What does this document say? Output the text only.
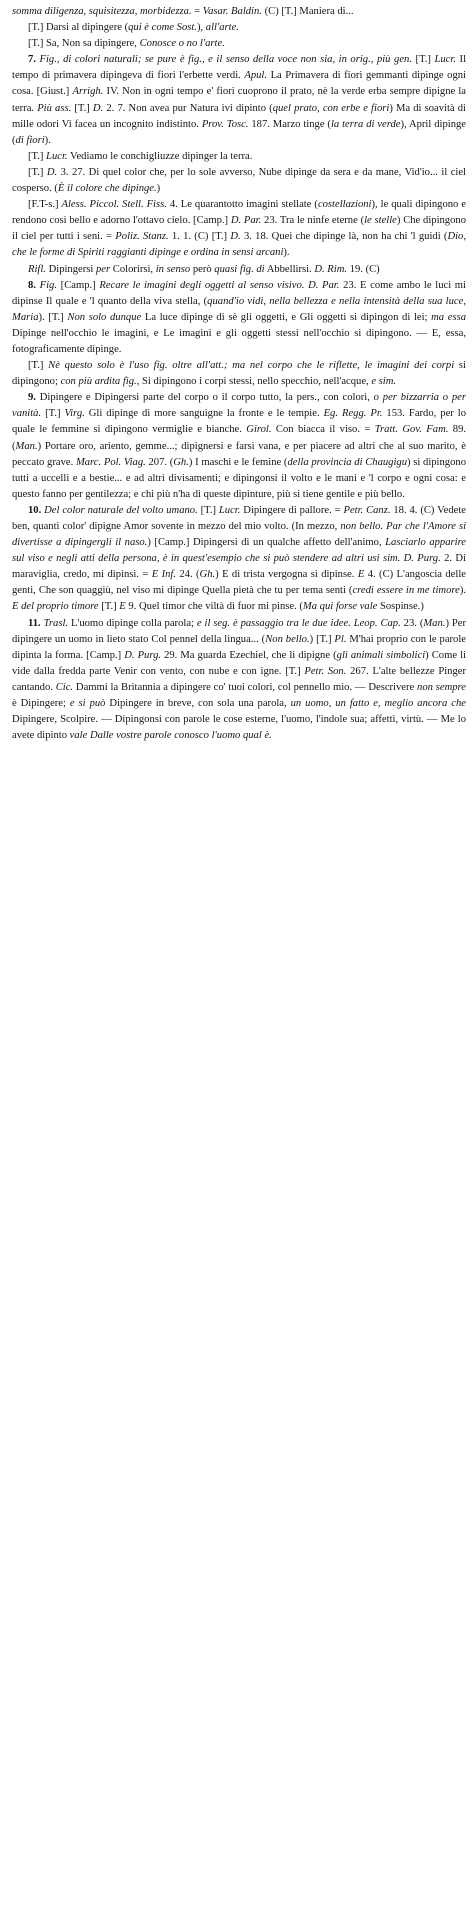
somma diligenza, squisitezza, morbidezza. = Vasar. Baldin. (C) [T.] Maniera di...

[T.] Darsi al dipingere (qui è come Sost.), all'arte.

[T.] Sa, Non sa dipingere, Conosce o no l'arte.

7. Fig., di colori naturali; se pure è fig., e il senso della voce non sia, in orig., più gen. [T.] Lucr. Il tempo di primavera dipingeva di fiori l'erbette verdi. Apul. La Primavera di fiori gemmanti dipinge ogni cosa. [Giust.] Arrigh. IV. Non in ogni tempo e' fiori cuoprono il prato, nè la verde erba sempre dipigne la terra. Più ass. [T.] D. 2. 7. Non avea pur Natura ivi dipinto (quel prato, con erbe e fiori) Ma di soavità di mille odori Vi facea un incognito indistinto. Prov. Tosc. 187. Marzo tinge (la terra di verde), April dipinge (di fiori).

[T.] Lucr. Vediamo le conchigliuzze dipinger la terra.

[T.] D. 3. 27. Di quel color che, per lo sole avverso, Nube dipinge da sera e da mane, Vid'io... il ciel cosperso. (È il colore che dipinge.)

[F.T-s.] Aless. Piccol. Stell. Fiss. 4. Le quarantotto imagini stellate (costellazioni), le quali dipingono e rendono così bello e adorno l'ottavo cielo. [Camp.] D. Par. 23. Tra le ninfe eterne (le stelle) Che dipingono il ciel per tutti i seni. = Poliz. Stanz. 1. 1. (C) [T.] D. 3. 18. Quei che dipinge là, non ha chi 'l guidi (Dio, che le forme di Spiriti raggianti dipinge e ordina in sensi arcani).

Rifl. Dipingersi per Colorirsi, in senso però quasi fig. di Abbellirsi. D. Rim. 19. (C)

8. Fig. [Camp.] Recare le imagini degli oggetti al senso visivo. D. Par. 23. E come ambo le luci mi dipinse Il quale e 'l quanto della viva stella, (quand'io vidi, nella bellezza e nella intensità della sua luce, Maria). [T.] Non solo dunque La luce dipinge di sè gli oggetti, e Gli oggetti si dipingon di lei; ma essa Dipinge nell'occhio le imagini, e Le imagini e gli oggetti stessi nell'occhio si dipingono. — E, essa, fotograficamente dipinge.

[T.] Nè questo solo è l'uso fig. oltre all'att.; ma nel corpo che le riflette, le imagini dei corpi si dipingono; con più ardita fig., Si dipingono i corpi stessi, nello specchio, nell'acque, e sim.

9. Dipingere e Dipingersi parte del corpo o il corpo tutto, la pers., con colori, o per bizzarria o per vanità. [T.] Virg. Gli dipinge di more sanguigne la fronte e le tempie. Eg. Regg. Pr. 153. Fardo, per lo quale le femmine si dipingono vermiglie e bianche. Girol. Con biacca il viso. = Tratt. Gov. Fam. 89. (Man.) Portare oro, ariento, gemme...; dipignersi e farsi vana, e per piacere ad altri che al suo marito, è peccato grave. Marc. Pol. Viag. 207. (Gh.) I maschi e le femine (della provincia di Chaugigu) si dipingono tutti a uccelli e a bestie... e ad altri divisamenti; e dipingonsi il volto e le mani e 'l corpo e ogni cosa: e questo fanno per gentilezza; e chi più n'ha di queste dipinture, più si tiene gentile e più bello.

10. Del color naturale del volto umano. [T.] Lucr. Dipingere di pallore. = Petr. Canz. 18. 4. (C) Vedete ben, quanti color' dipigne Amor sovente in mezzo del mio volto. (In mezzo, non bello. Par che l'Amore si divertisse a dipingergli il naso.) [Camp.] Dipingersi di un qualche affetto dell'animo, Lasciarlo apparire sul viso e negli atti della persona, è in quest'esempio che si può stendere ad altri usi sim. D. Purg. 2. Di maraviglia, credo, mi dipinsi. = E Inf. 24. (Gh.) E di trista vergogna si dipinse. E 4. (C) L'angoscia delle genti, Che son quaggiù, nel viso mi dipinge Quella pietà che tu per tema senti (credi essere in me timore). E del proprio timore [T.] E 9. Quel timor che viltà di fuor mi pinse. (Ma qui forse vale Sospinse.)

11. Trasl. L'uomo dipinge colla parola; e il seg. è passaggio tra le due idee. Leop. Cap. 23. (Man.) Per dipingere un uomo in lieto stato Col pennel della lingua... (Non bello.) [T.] Pl. M'hai proprio con le parole dipinta la forma. [Camp.] D. Purg. 29. Ma guarda Ezechiel, che li dipigne (gli animali simbolici) Come li vide dalla fredda parte Venir con vento, con nube e con igne. [T.] Petr. Son. 267. L'alte bellezze Pinger cantando. Cic. Dammi la Britannia a dipingere co' tuoi colori, col pennello mio. — Descrivere non sempre è Dipingere; e si può Dipingere in breve, con sola una parola, un uomo, un fatto e, meglio ancora che Dipingere, Scolpire. — Dipingonsi con parole le cose esterne, l'uomo, l'indole sua; affetti, virtù. — Me lo avete dipinto vale Dalle vostre parole conosco l'uomo qual è.
